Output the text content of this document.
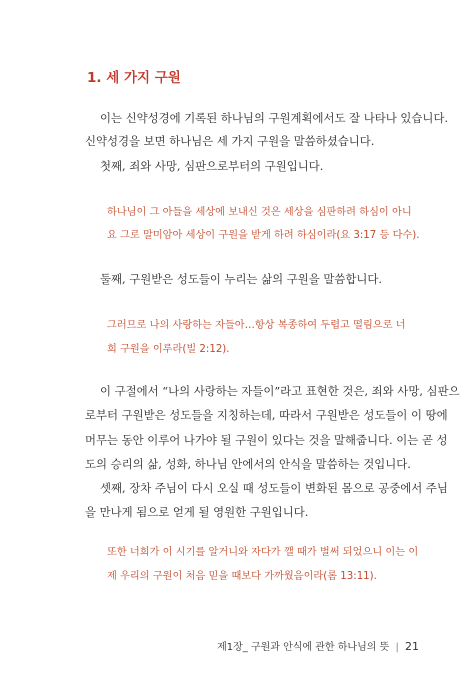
1. 세 가지 구원
이는 신약성경에 기록된 하나님의 구원계획에서도 잘 나타나 있습니다.
신약성경을 보면 하나님은 세 가지 구원을 말씀하셨습니다.
첫째, 죄와 사망, 심판으로부터의 구원입니다.
하나님이 그 아들을 세상에 보내신 것은 세상을 심판하려 하심이 아니
요 그로 말미암아 세상이 구원을 받게 하려 하심이라(요 3:17 등 다수).
둘째, 구원받은 성도들이 누리는 삶의 구원을 말씀합니다.
그러므로 나의 사랑하는 자들아…항상 복종하여 두렵고 떨림으로 너
희 구원을 이루라(빌 2:12).
이 구절에서 “나의 사랑하는 자들이”라고 표현한 것은, 죄와 사망, 심판으
로부터 구원받은 성도들을 지칭하는데, 따라서 구원받은 성도들이 이 땅에
머무는 동안 이루어 나가야 될 구원이 있다는 것을 말해줍니다. 이는 곧 성
도의 승리의 삶, 성화, 하나님 안에서의 안식을 말씀하는 것입니다.
셋째, 장차 주님이 다시 오실 때 성도들이 변화된 몸으로 공중에서 주님
을 만나게 됨으로 얻게 될 영원한 구원입니다.
또한 너희가 이 시기를 알거니와 자다가 깰 때가 벌써 되었으니 이는 이
제 우리의 구원이 처음 믿을 때보다 가까웠음이라(롬 13:11).
제1장_ 구원과 안식에 관한 하나님의 뜻 | 21
